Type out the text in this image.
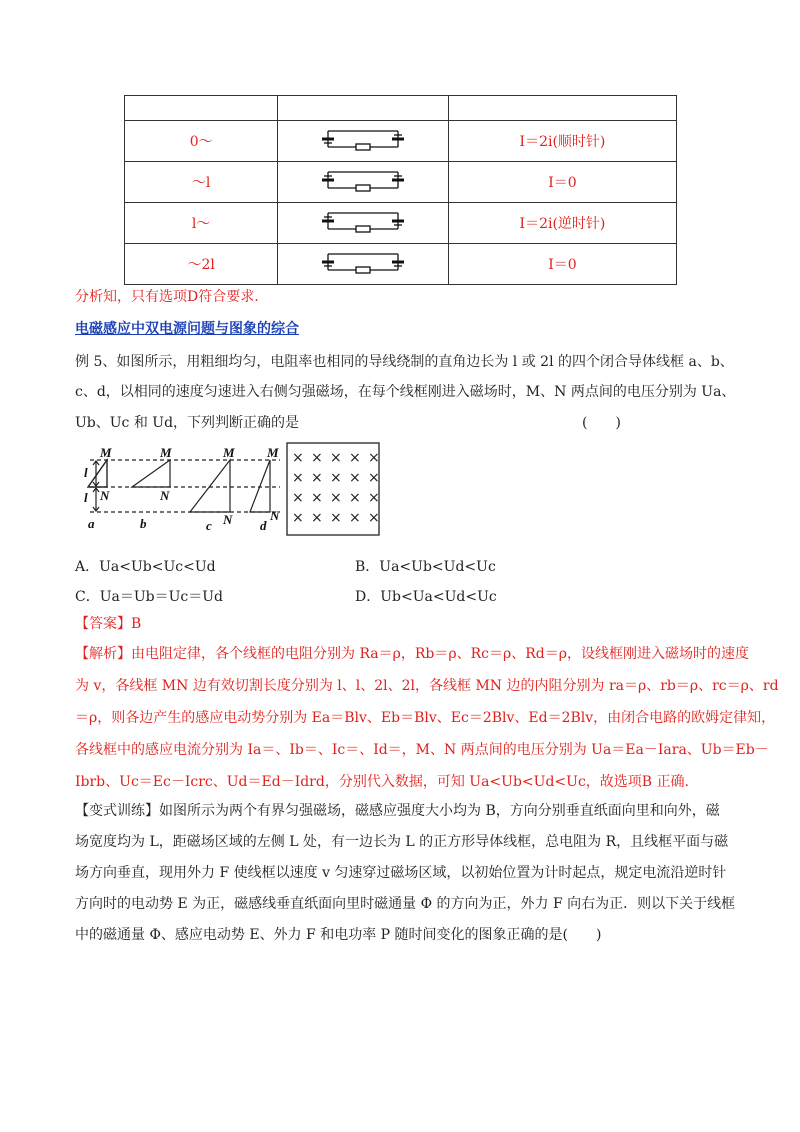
0～		I＝2i(顺时针)
～l		I＝0
l～		I＝2i(逆时针)
～2l		I＝0
分析知，只有选项D符合要求.
电磁感应中双电源问题与图象的综合
例 5、如图所示，用粗细均匀，电阻率也相同的导线绕制的直角边长为 l 或 2l 的四个闭合导体线框 a、b、
c、d，以相同的速度匀速进入右侧匀强磁场，在每个线框刚进入磁场时，M、N 两点间的电压分别为 Ua、
Ub、Uc 和 Ud，下列判断正确的是	(　　)
M
N
l
l
M
N
M
N
M
N
a	b	c	d
× × × × ×
× × × × ×
× × × × ×
× × × × ×
A．Ua<Ub<Uc<Ud	B．Ua<Ub<Ud<Uc
C．Ua＝Ub＝Uc＝Ud	D．Ub<Ua<Ud<Uc
【答案】B
【解析】由电阻定律，各个线框的电阻分别为 Ra＝ρ，Rb＝ρ、Rc＝ρ、Rd＝ρ，设线框刚进入磁场时的速度
为 v，各线框 MN 边有效切割长度分别为 l、l、2l、2l，各线框 MN 边的内阻分别为 ra＝ρ、rb＝ρ、rc＝ρ、rd
＝ρ，则各边产生的感应电动势分别为 Ea＝Blv、Eb＝Blv、Ec＝2Blv、Ed＝2Blv，由闭合电路的欧姆定律知，
各线框中的感应电流分别为 Ia＝、Ib＝、Ic＝、Id＝，M、N 两点间的电压分别为 Ua＝Ea－Iara、Ub＝Eb－
Ibrb、Uc＝Ec－Icrc、Ud＝Ed－Idrd，分别代入数据，可知 Ua<Ub<Ud<Uc，故选项B 正确.
【变式训练】如图所示为两个有界匀强磁场，磁感应强度大小均为 B，方向分别垂直纸面向里和向外，磁
场宽度均为 L，距磁场区域的左侧 L 处，有一边长为 L 的正方形导体线框，总电阻为 R，且线框平面与磁
场方向垂直，现用外力 F 使线框以速度 v 匀速穿过磁场区域，以初始位置为计时起点，规定电流沿逆时针
方向时的电动势 E 为正，磁感线垂直纸面向里时磁通量 Φ 的方向为正，外力 F 向右为正．则以下关于线框
中的磁通量 Φ、感应电动势 E、外力 F 和电功率 P 随时间变化的图象正确的是(　　)
